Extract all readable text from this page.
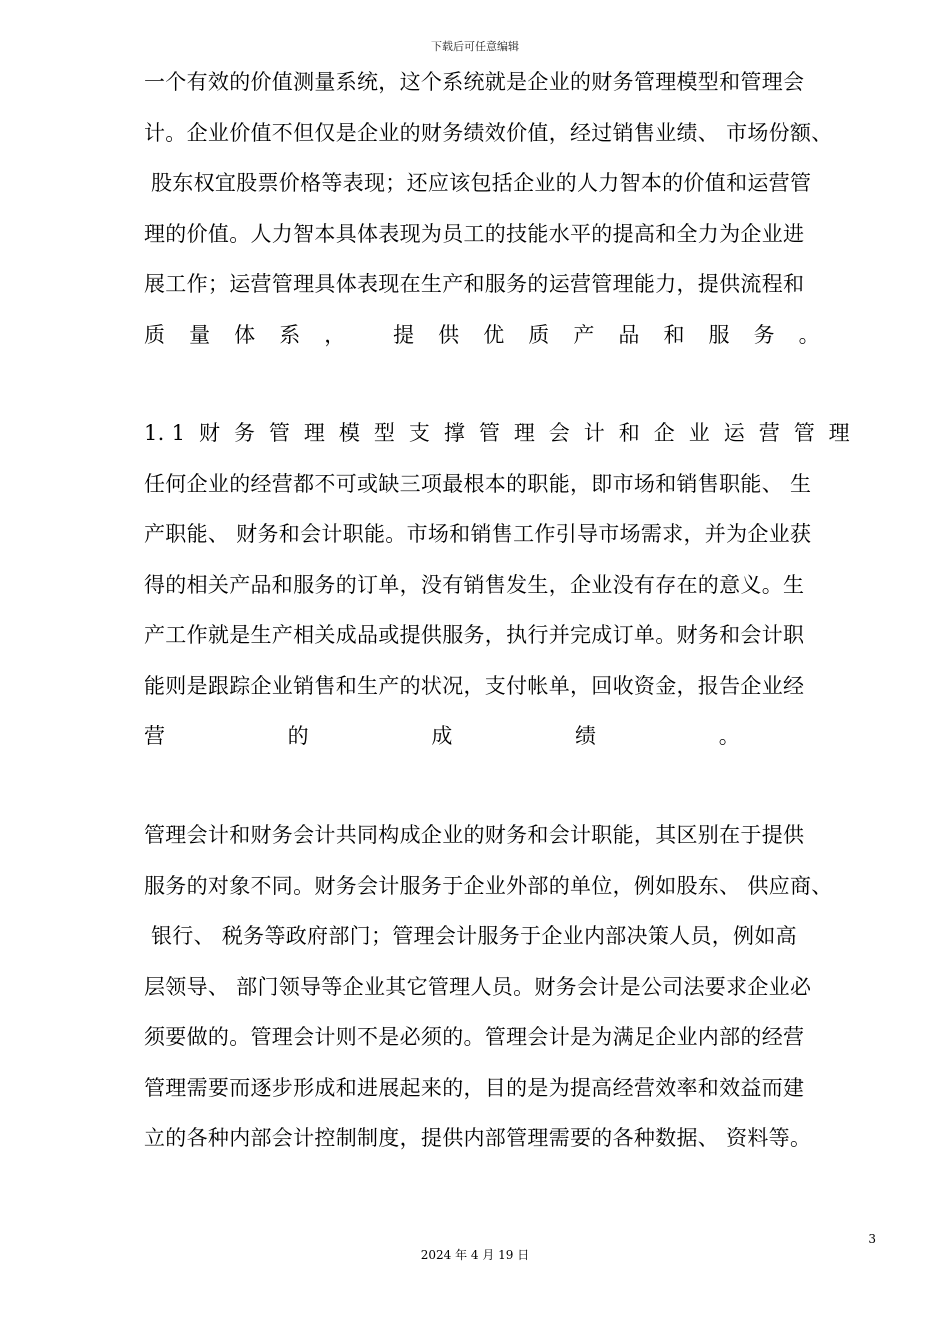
下载后可任意编辑

一个有效的价值测量系统，这个系统就是企业的财务管理模型和管理会

计。企业价值不但仅是企业的财务绩效价值，经过销售业绩、 市场份额、

股东权宜股票价格等表现；还应该包括企业的人力智本的价值和运营管

理的价值。人力智本具体表现为员工的技能水平的提高和全力为企业进

展工作；运营管理具体表现在生产和服务的运营管理能力，提供流程和

质 量 体 系 ， 提 供 优 质 产 品 和 服 务 。
1. 1 财 务 管 理 模 型 支 撑 管 理 会 计 和 企 业 运 营 管 理

任何企业的经营都不可或缺三项最根本的职能，即市场和销售职能、 生

产职能、 财务和会计职能。市场和销售工作引导市场需求，并为企业获

得的相关产品和服务的订单，没有销售发生，企业没有存在的意义。生

产工作就是生产相关成品或提供服务，执行并完成订单。财务和会计职

能则是跟踪企业销售和生产的状况，支付帐单，回收资金，报告企业经

营	的	成	绩	。

管理会计和财务会计共同构成企业的财务和会计职能，其区别在于提供

服务的对象不同。财务会计服务于企业外部的单位，例如股东、 供应商、

银行、 税务等政府部门；管理会计服务于企业内部决策人员，例如高

层领导、 部门领导等企业其它管理人员。财务会计是公司法要求企业必

须要做的。管理会计则不是必须的。管理会计是为满足企业内部的经营

管理需要而逐步形成和进展起来的，目的是为提高经营效率和效益而建

立的各种内部会计控制制度，提供内部管理需要的各种数据、 资料等。

3
2024 年 4 月 19 日
